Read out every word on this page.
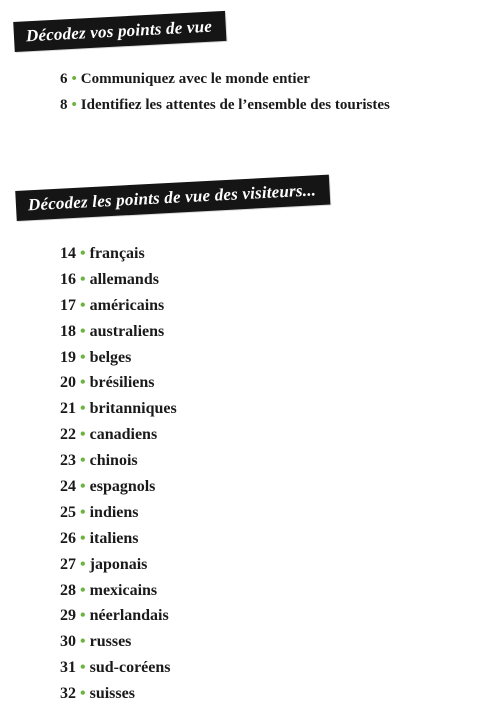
Décodez vos points de vue
6 • Communiquez avec le monde entier
8 • Identifiez les attentes de l’ensemble des touristes
Décodez les points de vue des visiteurs...
14 • français
16 • allemands
17 • américains
18 • australiens
19 • belges
20 • brésiliens
21 • britanniques
22 • canadiens
23 • chinois
24 • espagnols
25 • indiens
26 • italiens
27 • japonais
28 • mexicains
29 • néerlandais
30 • russes
31 • sud-coréens
32 • suisses
